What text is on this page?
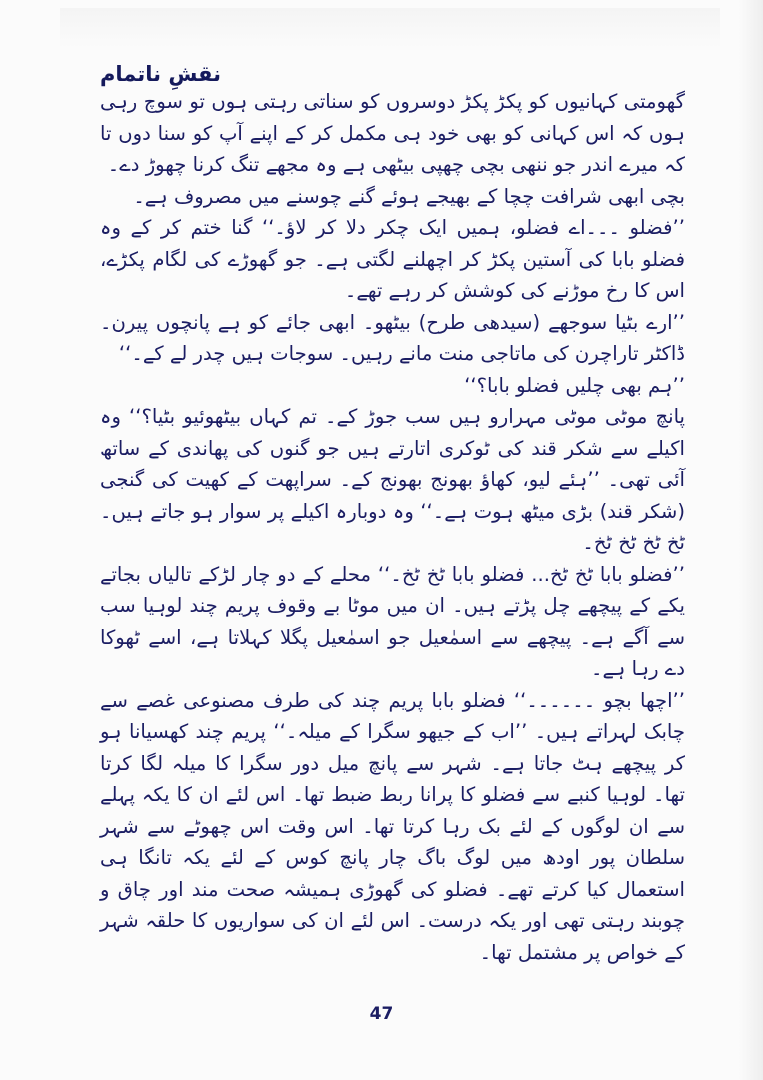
نقشِ ناتمام

گھومتی کہانیوں کو پکڑ پکڑ دوسروں کو سناتی رہتی ہوں تو سوچ رہی ہوں کہ اس کہانی کو بھی خود ہی مکمل کر کے اپنے آپ کو سنا دوں تا کہ میرے اندر جو ننھی بچی چھپی بیٹھی ہے وہ مجھے تنگ کرنا چھوڑ دے۔

بچی ابھی شرافت چچا کے بھیجے ہوئے گنے چوسنے میں مصروف ہے۔

’’فضلو ۔۔۔اے فضلو، ہمیں ایک چکر دلا کر لاؤ۔‘‘ گنا ختم کر کے وہ فضلو بابا کی آستین پکڑ کر اچھلنے لگتی ہے۔ جو گھوڑے کی لگام پکڑے، اس کا رخ موڑنے کی کوشش کر رہے تھے۔

’’ارے بٹیا سوجھے (سیدھی طرح) بیٹھو۔ ابھی جائے کو ہے پانچوں پیرن۔ ڈاکٹر تاراچرن کی ماتاجی منت مانے رہیں۔ سوجات ہیں چدر لے کے۔‘‘

’’ہم بھی چلیں فضلو بابا؟‘‘

پانچ موٹی موٹی مہرارو ہیں سب جوڑ کے۔ تم کہاں بیٹھوئیو بٹیا؟‘‘ وہ اکیلے سے شکر قند کی ٹوکری اتارتے ہیں جو گنوں کی پھاندی کے ساتھ آئی تھی۔ ’’ہئے لیو، کھاؤ بھونج بھونج کے۔ سراپھت کے کھیت کی گنجی (شکر قند) بڑی میٹھ ہوت ہے۔‘‘ وہ دوبارہ اکیلے پر سوار ہو جاتے ہیں۔ ٹخ ٹخ ٹخ ٹخ۔

’’فضلو بابا ٹخ ٹخ... فضلو بابا ٹخ ٹخ۔‘‘ محلے کے دو چار لڑکے تالیاں بجاتے یکے کے پیچھے چل پڑتے ہیں۔ ان میں موٹا بے وقوف پریم چند لوہیا سب سے آگے ہے۔ پیچھے سے اسمٰعیل جو اسمٰعیل پگلا کہلاتا ہے، اسے ٹھوکا دے رہا ہے۔

’’اچھا بچو ۔۔۔۔۔۔‘‘ فضلو بابا پریم چند کی طرف مصنوعی غصے سے چابک لہراتے ہیں۔ ’’اب کے جیھو سگرا کے میلہ۔‘‘ پریم چند کھسیانا ہو کر پیچھے ہٹ جاتا ہے۔ شہر سے پانچ میل دور سگرا کا میلہ لگا کرتا تھا۔ لوہیا کنبے سے فضلو کا پرانا ربط ضبط تھا۔ اس لئے ان کا یکہ پہلے سے ان لوگوں کے لئے بک رہا کرتا تھا۔ اس وقت اس چھوٹے سے شہر سلطان پور اودھ میں لوگ باگ چار پانچ کوس کے لئے یکہ تانگا ہی استعمال کیا کرتے تھے۔ فضلو کی گھوڑی ہمیشہ صحت مند اور چاق و چوبند رہتی تھی اور یکہ درست۔ اس لئے ان کی سواریوں کا حلقہ شہر کے خواص پر مشتمل تھا۔

47
